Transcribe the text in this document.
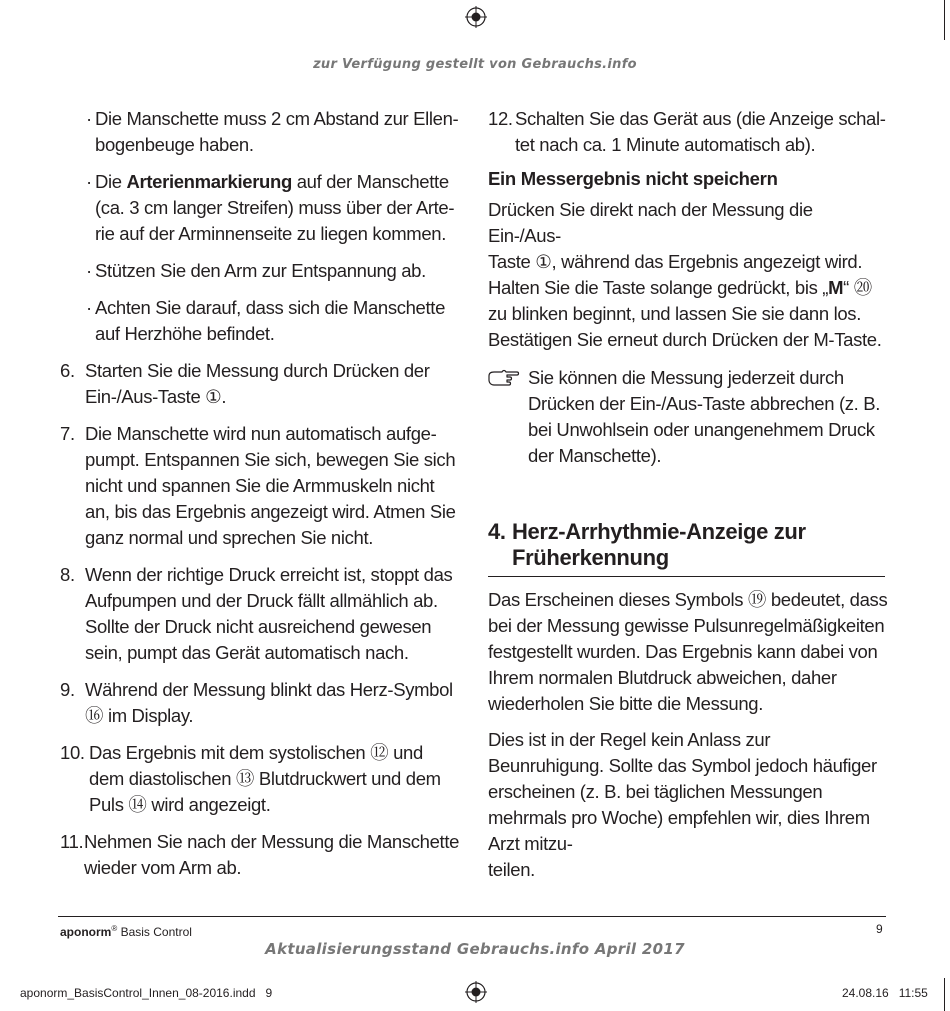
zur Verfügung gestellt von Gebrauchs.info
· Die Manschette muss 2 cm Abstand zur Ellen-
bogenbeuge haben.
· Die Arterienmarkierung auf der Manschette (ca. 3 cm langer Streifen) muss über der Arte-
rie auf der Arminnenseite zu liegen kommen.
· Stützen Sie den Arm zur Entspannung ab.
· Achten Sie darauf, dass sich die Manschette auf Herzhöhe befindet.
6. Starten Sie die Messung durch Drücken der Ein-/Aus-Taste ①.
7. Die Manschette wird nun automatisch aufge-
pumpt. Entspannen Sie sich, bewegen Sie sich nicht und spannen Sie die Armmuskeln nicht an, bis das Ergebnis angezeigt wird. Atmen Sie ganz normal und sprechen Sie nicht.
8. Wenn der richtige Druck erreicht ist, stoppt das Aufpumpen und der Druck fällt allmählich ab. Sollte der Druck nicht ausreichend gewesen sein, pumpt das Gerät automatisch nach.
9. Während der Messung blinkt das Herz-Symbol ⑯ im Display.
10. Das Ergebnis mit dem systolischen ⑫ und dem diastolischen ⑬ Blutdruckwert und dem Puls ⑭ wird angezeigt.
11. Nehmen Sie nach der Messung die Manschette wieder vom Arm ab.
12. Schalten Sie das Gerät aus (die Anzeige schal-
tet nach ca. 1 Minute automatisch ab).
Ein Messergebnis nicht speichern
Drücken Sie direkt nach der Messung die Ein-/Aus-
Taste ①, während das Ergebnis angezeigt wird. Halten Sie die Taste solange gedrückt, bis „M“ ⑳ zu blinken beginnt, und lassen Sie sie dann los. Bestätigen Sie erneut durch Drücken der M-Taste.
Sie können die Messung jederzeit durch Drücken der Ein-/Aus-Taste abbrechen (z. B. bei Unwohlsein oder unangenehmem Druck der Manschette).
4. Herz-Arrhythmie-Anzeige zur Früherkennung
Das Erscheinen dieses Symbols ⑲ bedeutet, dass bei der Messung gewisse Pulsunregelmäßigkeiten festgestellt wurden. Das Ergebnis kann dabei von Ihrem normalen Blutdruck abweichen, daher wiederholen Sie bitte die Messung.
Dies ist in der Regel kein Anlass zur Beunruhigung. Sollte das Symbol jedoch häufiger erscheinen (z. B. bei täglichen Messungen mehrmals pro Woche) empfehlen wir, dies Ihrem Arzt mitzu-
teilen.
aponorm® Basis Control	9
Aktualisierungsstand Gebrauchs.info April 2017
aponorm_BasisControl_Innen_08-2016.indd   9	24.08.16   11:55
